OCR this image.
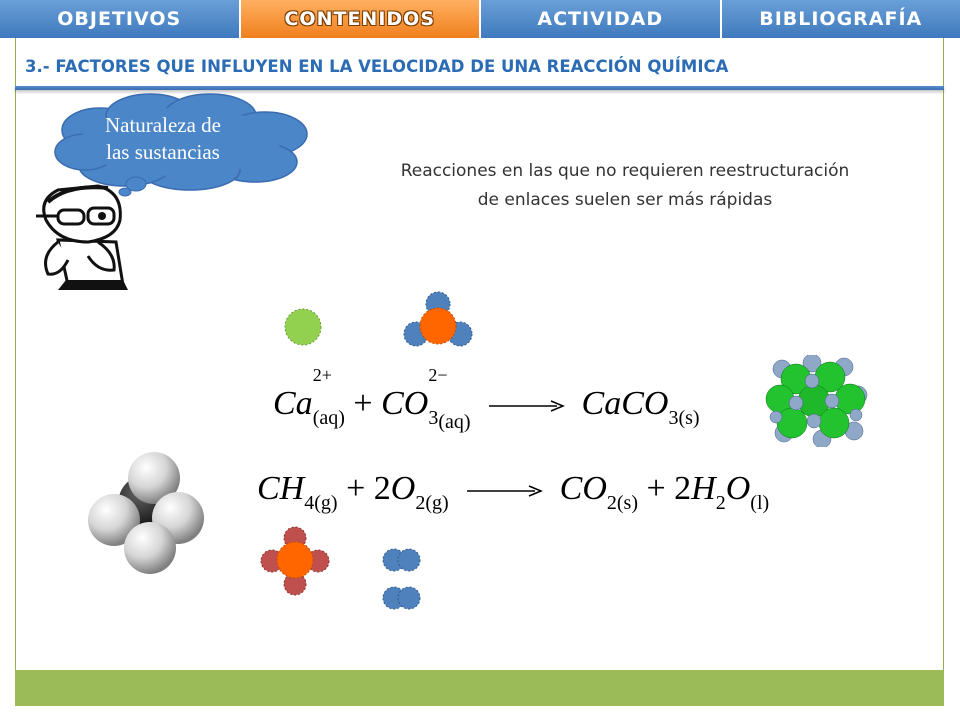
OBJETIVOS	CONTENIDOS	ACTIVIDAD	BIBLIOGRAFÍA
3.- FACTORES QUE INFLUYEN EN LA VELOCIDAD DE UNA REACCIÓN QUÍMICA
Naturaleza de
las sustancias
Reacciones en las que no requieren reestructuración de enlaces suelen ser más rápidas
Ca
2+
(aq) + CO
2−
$3_{(aq)}$	CaCO$_{3(s)}$
$CH_{4(g)} + 2O_{2(g)}$	$CO_{2(s)} + 2H_2O_{(l)}$
